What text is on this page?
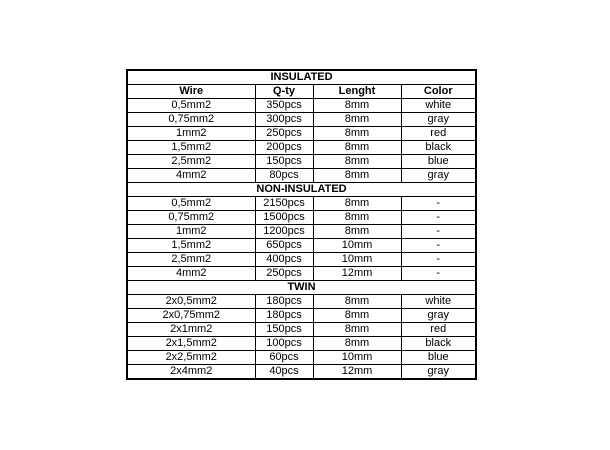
INSULATED			
Wire	Q-ty	Lenght	Color
0,5mm2	350pcs	8mm	white
0,75mm2	300pcs	8mm	gray
1mm2	250pcs	8mm	red
1,5mm2	200pcs	8mm	black
2,5mm2	150pcs	8mm	blue
4mm2	80pcs	8mm	gray
NON-INSULATED			
0,5mm2	2150pcs	8mm	-
0,75mm2	1500pcs	8mm	-
1mm2	1200pcs	8mm	-
1,5mm2	650pcs	10mm	-
2,5mm2	400pcs	10mm	-
4mm2	250pcs	12mm	-
TWIN			
2x0,5mm2	180pcs	8mm	white
2x0,75mm2	180pcs	8mm	gray
2x1mm2	150pcs	8mm	red
2x1,5mm2	100pcs	8mm	black
2x2,5mm2	60pcs	10mm	blue
2x4mm2	40pcs	12mm	gray
